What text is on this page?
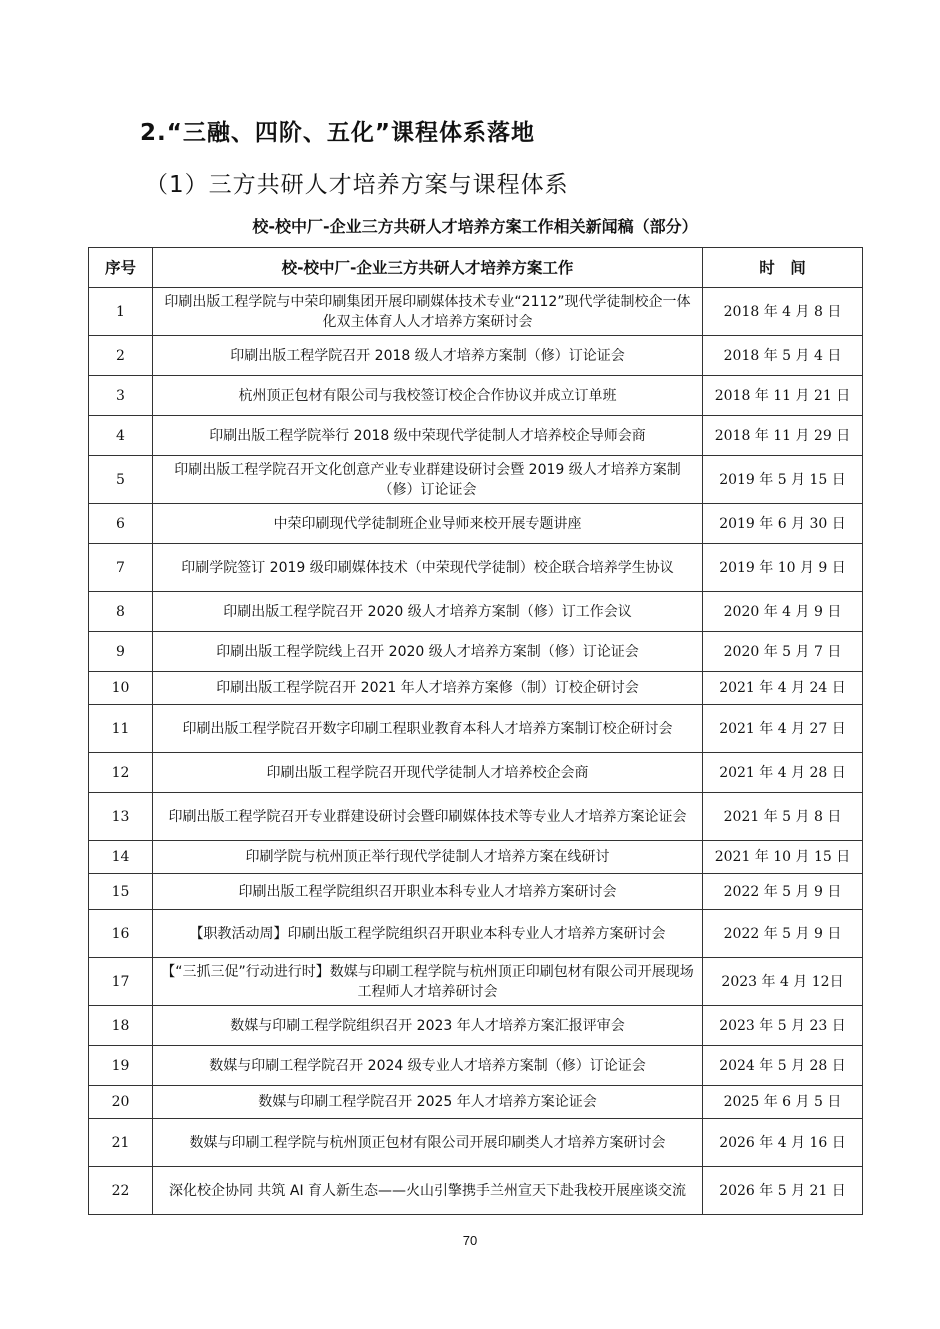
2.“三融、四阶、五化”课程体系落地
（1）三方共研人才培养方案与课程体系
校-校中厂-企业三方共研人才培养方案工作相关新闻稿（部分）
序号	校-校中厂-企业三方共研人才培养方案工作	时　间
1	印刷出版工程学院与中荣印刷集团开展印刷媒体技术专业“2112”现代学徒制校企一体化双主体育人人才培养方案研讨会	2018 年 4 月 8 日
2	印刷出版工程学院召开 2018 级人才培养方案制（修）订论证会	2018 年 5 月 4 日
3	杭州顶正包材有限公司与我校签订校企合作协议并成立订单班	2018 年 11 月 21 日
4	印刷出版工程学院举行 2018 级中荣现代学徒制人才培养校企导师会商	2018 年 11 月 29 日
5	印刷出版工程学院召开文化创意产业专业群建设研讨会暨 2019 级人才培养方案制（修）订论证会	2019 年 5 月 15 日
6	中荣印刷现代学徒制班企业导师来校开展专题讲座	2019 年 6 月 30 日
7	印刷学院签订 2019 级印刷媒体技术（中荣现代学徒制）校企联合培养学生协议	2019 年 10 月 9 日
8	印刷出版工程学院召开 2020 级人才培养方案制（修）订工作会议	2020 年 4 月 9 日
9	印刷出版工程学院线上召开 2020 级人才培养方案制（修）订论证会	2020 年 5 月 7 日
10	印刷出版工程学院召开 2021 年人才培养方案修（制）订校企研讨会	2021 年 4 月 24 日
11	印刷出版工程学院召开数字印刷工程职业教育本科人才培养方案制订校企研讨会	2021 年 4 月 27 日
12	印刷出版工程学院召开现代学徒制人才培养校企会商	2021 年 4 月 28 日
13	印刷出版工程学院召开专业群建设研讨会暨印刷媒体技术等专业人才培养方案论证会	2021 年 5 月 8 日
14	印刷学院与杭州顶正举行现代学徒制人才培养方案在线研讨	2021 年 10 月 15 日
15	印刷出版工程学院组织召开职业本科专业人才培养方案研讨会	2022 年 5 月 9 日
16	【职教活动周】印刷出版工程学院组织召开职业本科专业人才培养方案研讨会	2022 年 5 月 9 日
17	【“三抓三促”行动进行时】数媒与印刷工程学院与杭州顶正印刷包材有限公司开展现场工程师人才培养研讨会	2023 年 4 月 12日
18	数媒与印刷工程学院组织召开 2023 年人才培养方案汇报评审会	2023 年 5 月 23 日
19	数媒与印刷工程学院召开 2024 级专业人才培养方案制（修）订论证会	2024 年 5 月 28 日
20	数媒与印刷工程学院召开 2025 年人才培养方案论证会	2025 年 6 月 5 日
21	数媒与印刷工程学院与杭州顶正包材有限公司开展印刷类人才培养方案研讨会	2026 年 4 月 16 日
22	深化校企协同 共筑 AI 育人新生态——火山引擎携手兰州宣天下赴我校开展座谈交流	2026 年 5 月 21 日
70
